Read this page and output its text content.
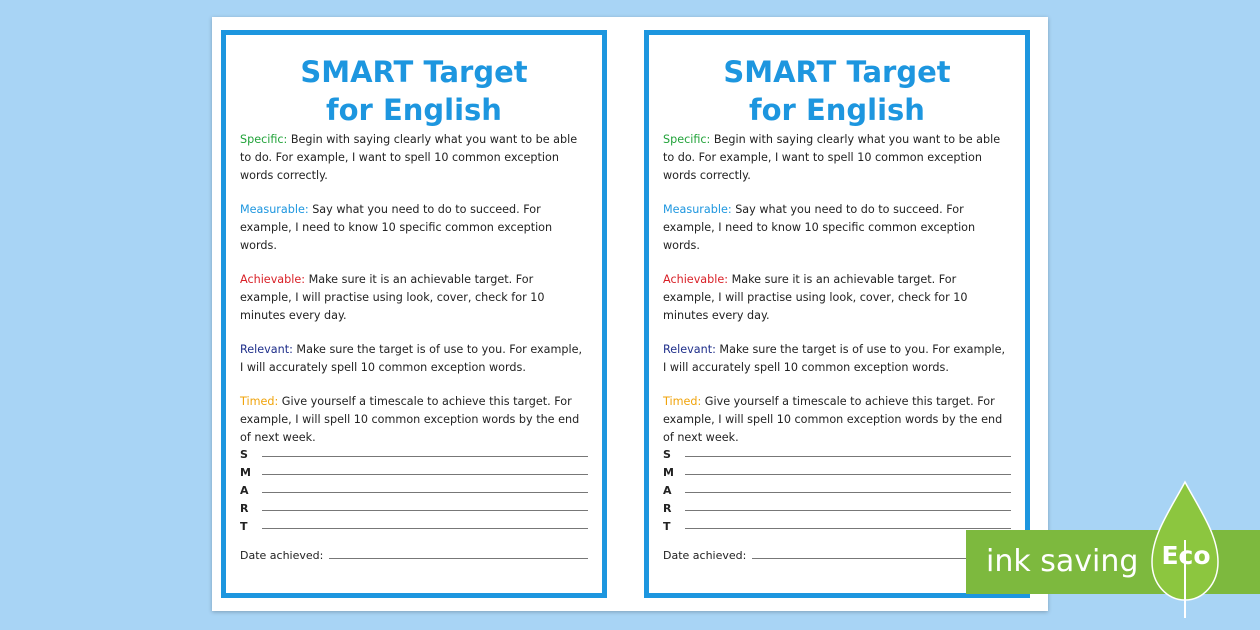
SMART Target
for English

Specific: Begin with saying clearly what you want to be able to do. For example, I want to spell 10 common exception words correctly.

Measurable: Say what you need to do to succeed. For example, I need to know 10 specific common exception words.

Achievable: Make sure it is an achievable target. For example, I will practise using look, cover, check for 10 minutes every day.

Relevant: Make sure the target is of use to you. For example, I will accurately spell 10 common exception words.

Timed: Give yourself a timescale to achieve this target. For example, I will spell 10 common exception words by the end of next week.

S
M
A
R
T
Date achieved:
SMART Target
for English

Specific: Begin with saying clearly what you want to be able to do. For example, I want to spell 10 common exception words correctly.

Measurable: Say what you need to do to succeed. For example, I need to know 10 specific common exception words.

Achievable: Make sure it is an achievable target. For example, I will practise using look, cover, check for 10 minutes every day.

Relevant: Make sure the target is of use to you. For example, I will accurately spell 10 common exception words.

Timed: Give yourself a timescale to achieve this target. For example, I will spell 10 common exception words by the end of next week.

S
M
A
R
T
Date achieved:	ink saving Eco
